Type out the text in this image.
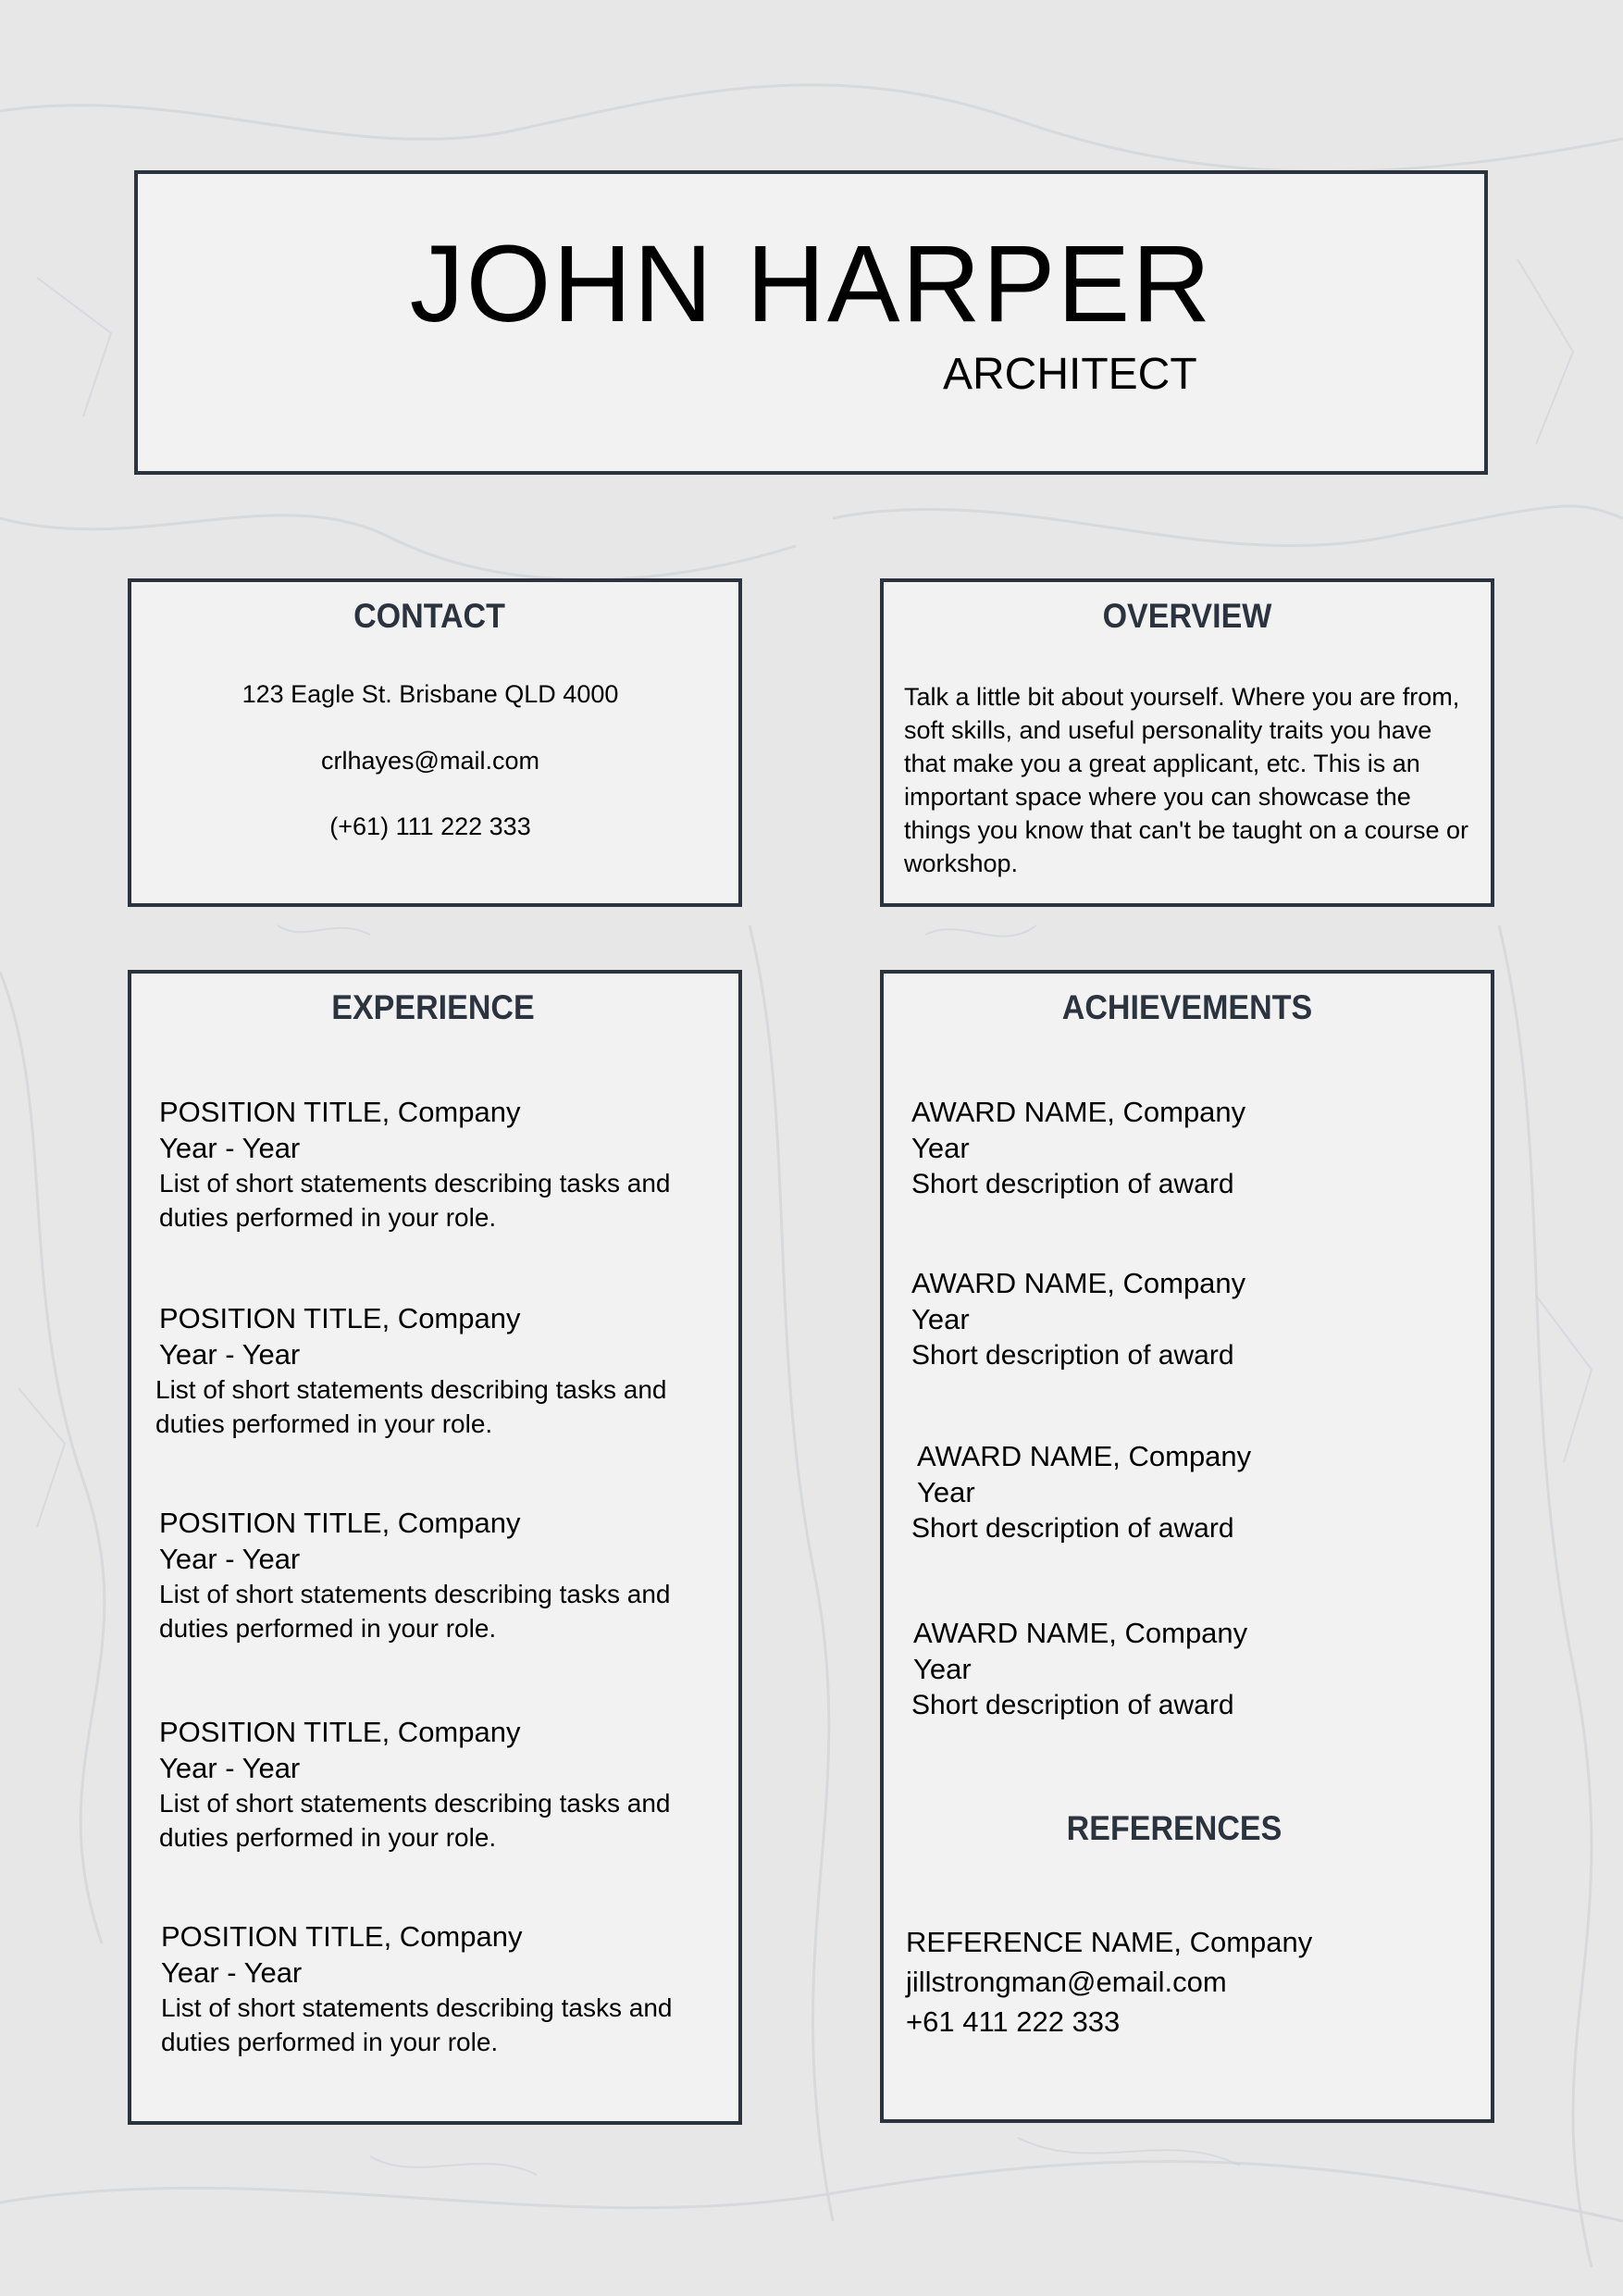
JOHN HARPER
ARCHITECT
CONTACT
123 Eagle St. Brisbane QLD 4000
crlhayes@mail.com
(+61) 111 222 333
OVERVIEW
Talk a little bit about yourself. Where you are from, soft skills, and useful personality traits you have that make you a great applicant, etc. This is an important space where you can showcase the things you know that can't be taught on a course or workshop.
EXPERIENCE
POSITION TITLE, Company
Year - Year
List of short statements describing tasks and duties performed in your role.
POSITION TITLE, Company
Year - Year
List of short statements describing tasks and duties performed in your role.
POSITION TITLE, Company
Year - Year
List of short statements describing tasks and duties performed in your role.
POSITION TITLE, Company
Year - Year
List of short statements describing tasks and duties performed in your role.
POSITION TITLE, Company
Year - Year
List of short statements describing tasks and duties performed in your role.
ACHIEVEMENTS
AWARD NAME, Company
Year
Short description of award
AWARD NAME, Company
Year
Short description of award
AWARD NAME, Company
Year
Short description of award
AWARD NAME, Company
Year
Short description of award
REFERENCES
REFERENCE NAME, Company
jillstrongman@email.com
+61 411 222 333
